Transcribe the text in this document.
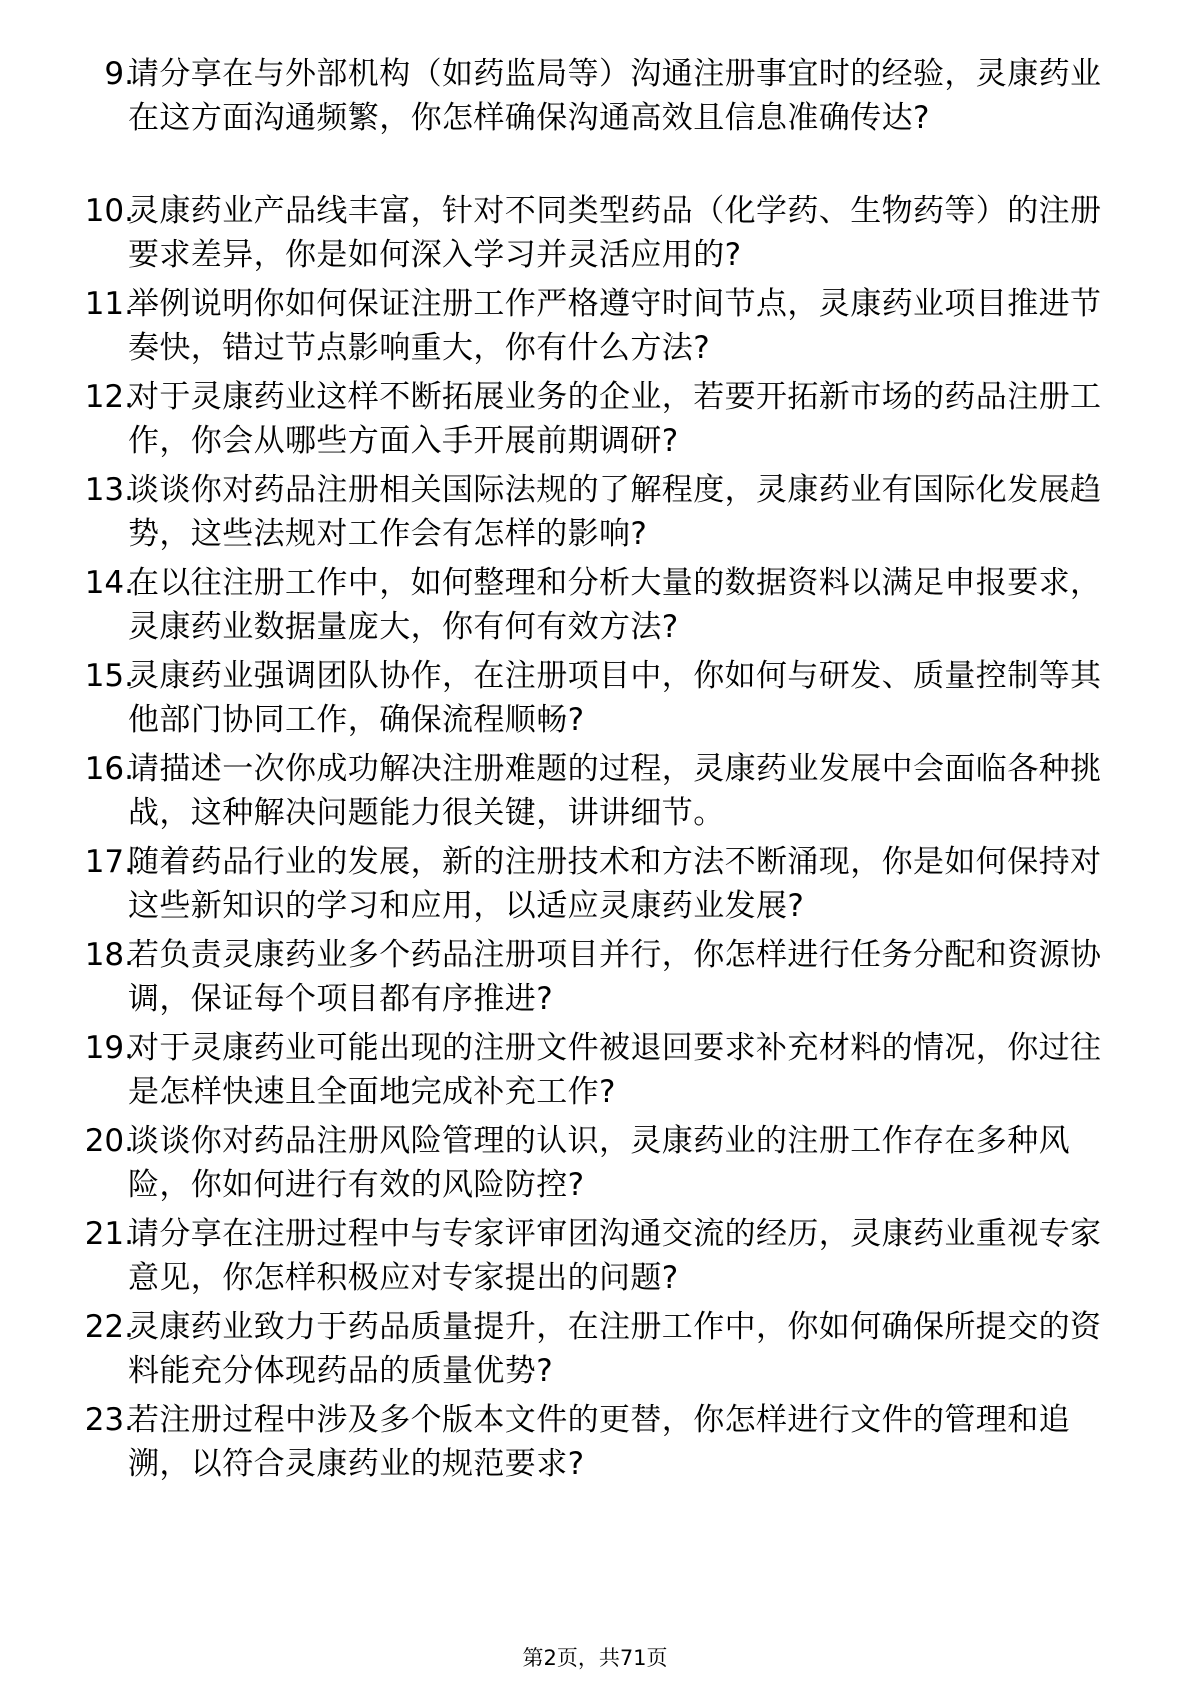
9.
请分享在与外部机构（如药监局等）沟通注册事宜时的经验，灵康药业在这方面沟通频繁，你怎样确保沟通高效且信息准确传达?
10.
灵康药业产品线丰富，针对不同类型药品（化学药、生物药等）的注册要求差异，你是如何深入学习并灵活应用的?
11.
举例说明你如何保证注册工作严格遵守时间节点，灵康药业项目推进节奏快，错过节点影响重大，你有什么方法?
12.
对于灵康药业这样不断拓展业务的企业，若要开拓新市场的药品注册工作，你会从哪些方面入手开展前期调研?
13.
谈谈你对药品注册相关国际法规的了解程度，灵康药业有国际化发展趋势，这些法规对工作会有怎样的影响?
14.
在以往注册工作中，如何整理和分析大量的数据资料以满足申报要求，灵康药业数据量庞大，你有何有效方法?
15.
灵康药业强调团队协作，在注册项目中，你如何与研发、质量控制等其他部门协同工作，确保流程顺畅?
16.
请描述一次你成功解决注册难题的过程，灵康药业发展中会面临各种挑战，这种解决问题能力很关键，讲讲细节。
17.
随着药品行业的发展，新的注册技术和方法不断涌现，你是如何保持对这些新知识的学习和应用，以适应灵康药业发展?
18.
若负责灵康药业多个药品注册项目并行，你怎样进行任务分配和资源协调，保证每个项目都有序推进?
19.
对于灵康药业可能出现的注册文件被退回要求补充材料的情况，你过往是怎样快速且全面地完成补充工作?
20.
谈谈你对药品注册风险管理的认识，灵康药业的注册工作存在多种风险，你如何进行有效的风险防控?
21.
请分享在注册过程中与专家评审团沟通交流的经历，灵康药业重视专家意见，你怎样积极应对专家提出的问题?
22.
灵康药业致力于药品质量提升，在注册工作中，你如何确保所提交的资料能充分体现药品的质量优势?
23.
若注册过程中涉及多个版本文件的更替，你怎样进行文件的管理和追溯，以符合灵康药业的规范要求?
第2页，共71页
